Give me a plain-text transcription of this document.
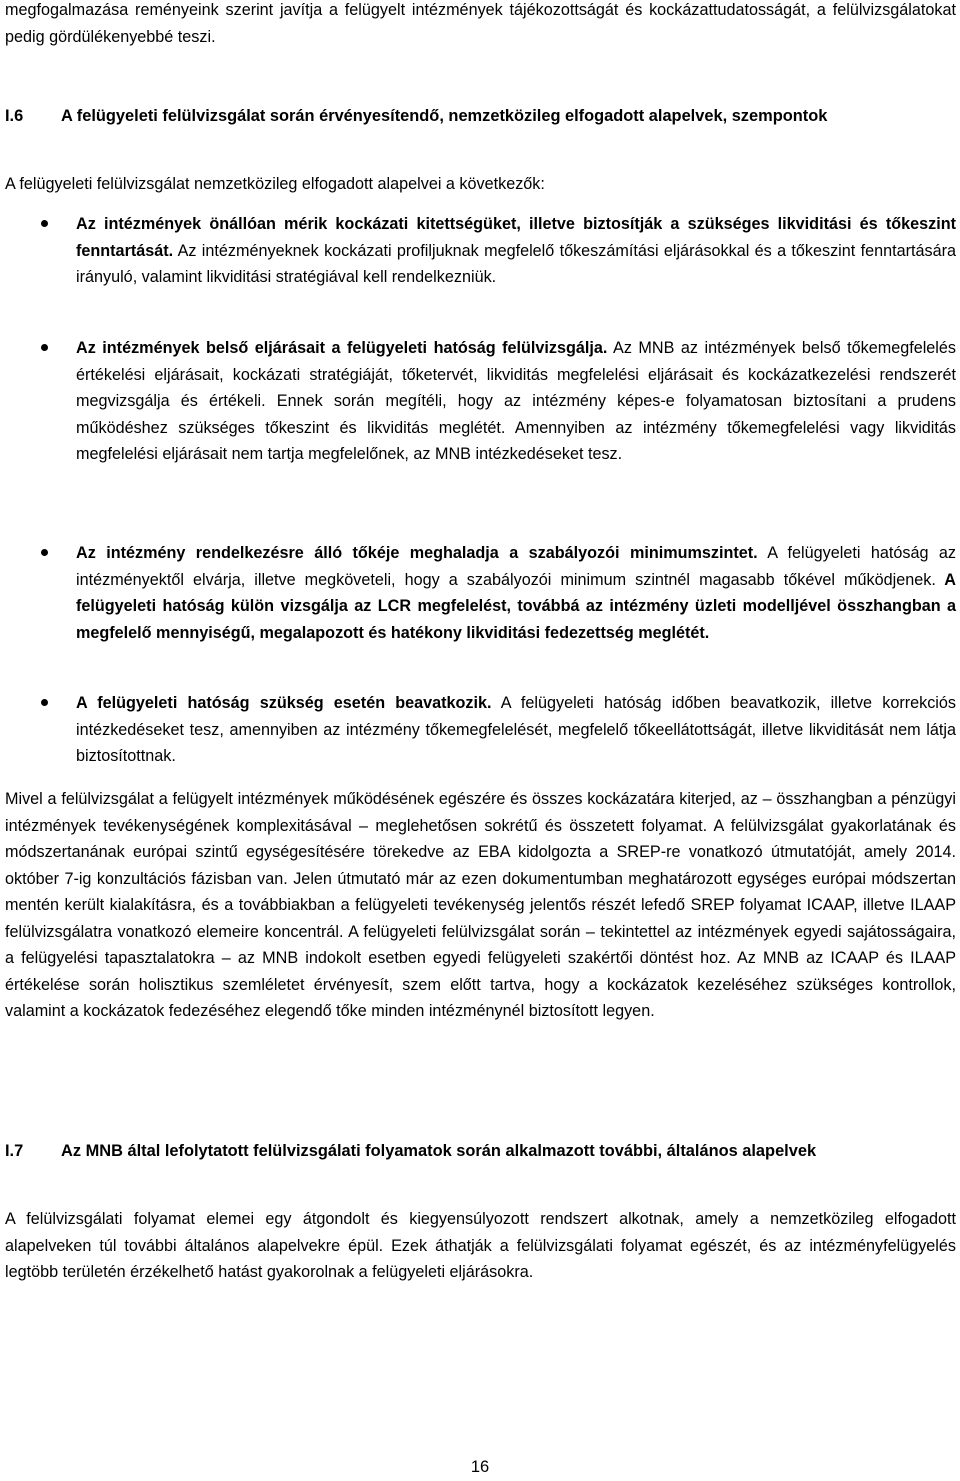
megfogalmazása reményeink szerint javítja a felügyelt intézmények tájékozottságát és kockázattudatosságát, a felülvizsgálatokat pedig gördülékenyebbé teszi.

I.6 A felügyeleti felülvizsgálat során érvényesítendő, nemzetközileg elfogadott alapelvek, szempontok

A felügyeleti felülvizsgálat nemzetközileg elfogadott alapelvei a következők:

Az intézmények önállóan mérik kockázati kitettségüket, illetve biztosítják a szükséges likviditási és tőkeszint fenntartását. Az intézményeknek kockázati profiljuknak megfelelő tőkeszámítási eljárásokkal és a tőkeszint fenntartására irányuló, valamint likviditási stratégiával kell rendelkezniük.
Az intézmények belső eljárásait a felügyeleti hatóság felülvizsgálja. Az MNB az intézmények belső tőkemegfelelés értékelési eljárásait, kockázati stratégiáját, tőketervét, likviditás megfelelési eljárásait és kockázatkezelési rendszerét megvizsgálja és értékeli. Ennek során megítéli, hogy az intézmény képes-e folyamatosan biztosítani a prudens működéshez szükséges tőkeszint és likviditás meglétét. Amennyiben az intézmény tőkemegfelelési vagy likviditás megfelelési eljárásait nem tartja megfelelőnek, az MNB intézkedéseket tesz.
Az intézmény rendelkezésre álló tőkéje meghaladja a szabályozói minimumszintet. A felügyeleti hatóság az intézményektől elvárja, illetve megköveteli, hogy a szabályozói minimum szintnél magasabb tőkével működjenek. A felügyeleti hatóság külön vizsgálja az LCR megfelelést, továbbá az intézmény üzleti modelljével összhangban a megfelelő mennyiségű, megalapozott és hatékony likviditási fedezettség meglétét.
A felügyeleti hatóság szükség esetén beavatkozik. A felügyeleti hatóság időben beavatkozik, illetve korrekciós intézkedéseket tesz, amennyiben az intézmény tőkemegfelelését, megfelelő tőkeellátottságát, illetve likviditását nem látja biztosítottnak.

Mivel a felülvizsgálat a felügyelt intézmények működésének egészére és összes kockázatára kiterjed, az – összhangban a pénzügyi intézmények tevékenységének komplexitásával – meglehetősen sokrétű és összetett folyamat. A felülvizsgálat gyakorlatának és módszertanának európai szintű egységesítésére törekedve az EBA kidolgozta a SREP-re vonatkozó útmutatóját, amely 2014. október 7-ig konzultációs fázisban van. Jelen útmutató már az ezen dokumentumban meghatározott egységes európai módszertan mentén került kialakításra, és a továbbiakban a felügyeleti tevékenység jelentős részét lefedő SREP folyamat ICAAP, illetve ILAAP felülvizsgálatra vonatkozó elemeire koncentrál. A felügyeleti felülvizsgálat során – tekintettel az intézmények egyedi sajátosságaira, a felügyelési tapasztalatokra – az MNB indokolt esetben egyedi felügyeleti szakértői döntést hoz. Az MNB az ICAAP és ILAAP értékelése során holisztikus szemléletet érvényesít, szem előtt tartva, hogy a kockázatok kezeléséhez szükséges kontrollok, valamint a kockázatok fedezéséhez elegendő tőke minden intézménynél biztosított legyen.

I.7 Az MNB által lefolytatott felülvizsgálati folyamatok során alkalmazott további, általános alapelvek

A felülvizsgálati folyamat elemei egy átgondolt és kiegyensúlyozott rendszert alkotnak, amely a nemzetközileg elfogadott alapelveken túl további általános alapelvekre épül. Ezek áthatják a felülvizsgálati folyamat egészét, és az intézményfelügyelés legtöbb területén érzékelhető hatást gyakorolnak a felügyeleti eljárásokra.

16
